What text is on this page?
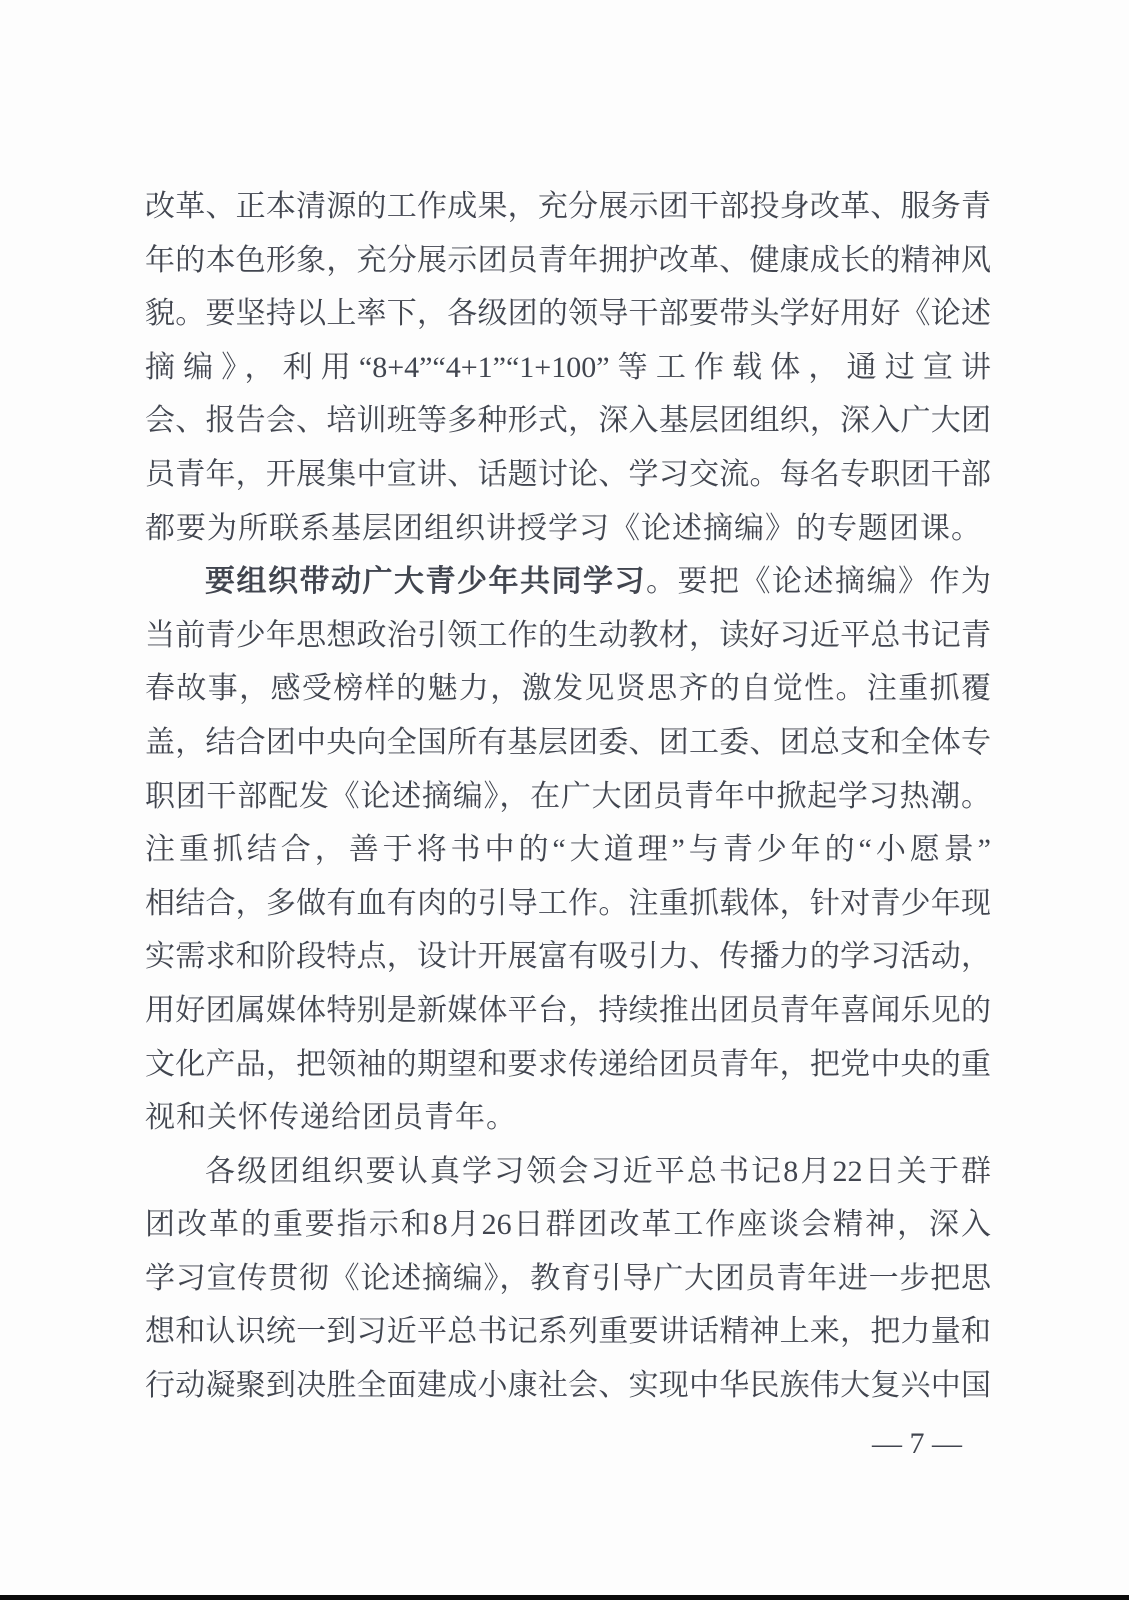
改革、正本清源的工作成果，充分展示团干部投身改革、服务青
年的本色形象，充分展示团员青年拥护改革、健康成长的精神风
貌。要坚持以上率下，各级团的领导干部要带头学好用好《论述
摘编》，利用“8+4”“4+1”“1+100”等工作载体，通过宣讲
会、报告会、培训班等多种形式，深入基层团组织，深入广大团
员青年，开展集中宣讲、话题讨论、学习交流。每名专职团干部
都要为所联系基层团组织讲授学习《论述摘编》的专题团课。
要组织带动广大青少年共同学习。要把《论述摘编》作为
当前青少年思想政治引领工作的生动教材，读好习近平总书记青
春故事，感受榜样的魅力，激发见贤思齐的自觉性。注重抓覆
盖，结合团中央向全国所有基层团委、团工委、团总支和全体专
职团干部配发《论述摘编》，在广大团员青年中掀起学习热潮。
注重抓结合，善于将书中的“大道理”与青少年的“小愿景”
相结合，多做有血有肉的引导工作。注重抓载体，针对青少年现
实需求和阶段特点，设计开展富有吸引力、传播力的学习活动，
用好团属媒体特别是新媒体平台，持续推出团员青年喜闻乐见的
文化产品，把领袖的期望和要求传递给团员青年，把党中央的重
视和关怀传递给团员青年。
各级团组织要认真学习领会习近平总书记8月22日关于群
团改革的重要指示和8月26日群团改革工作座谈会精神，深入
学习宣传贯彻《论述摘编》，教育引导广大团员青年进一步把思
想和认识统一到习近平总书记系列重要讲话精神上来，把力量和
行动凝聚到决胜全面建成小康社会、实现中华民族伟大复兴中国
— 7 —
